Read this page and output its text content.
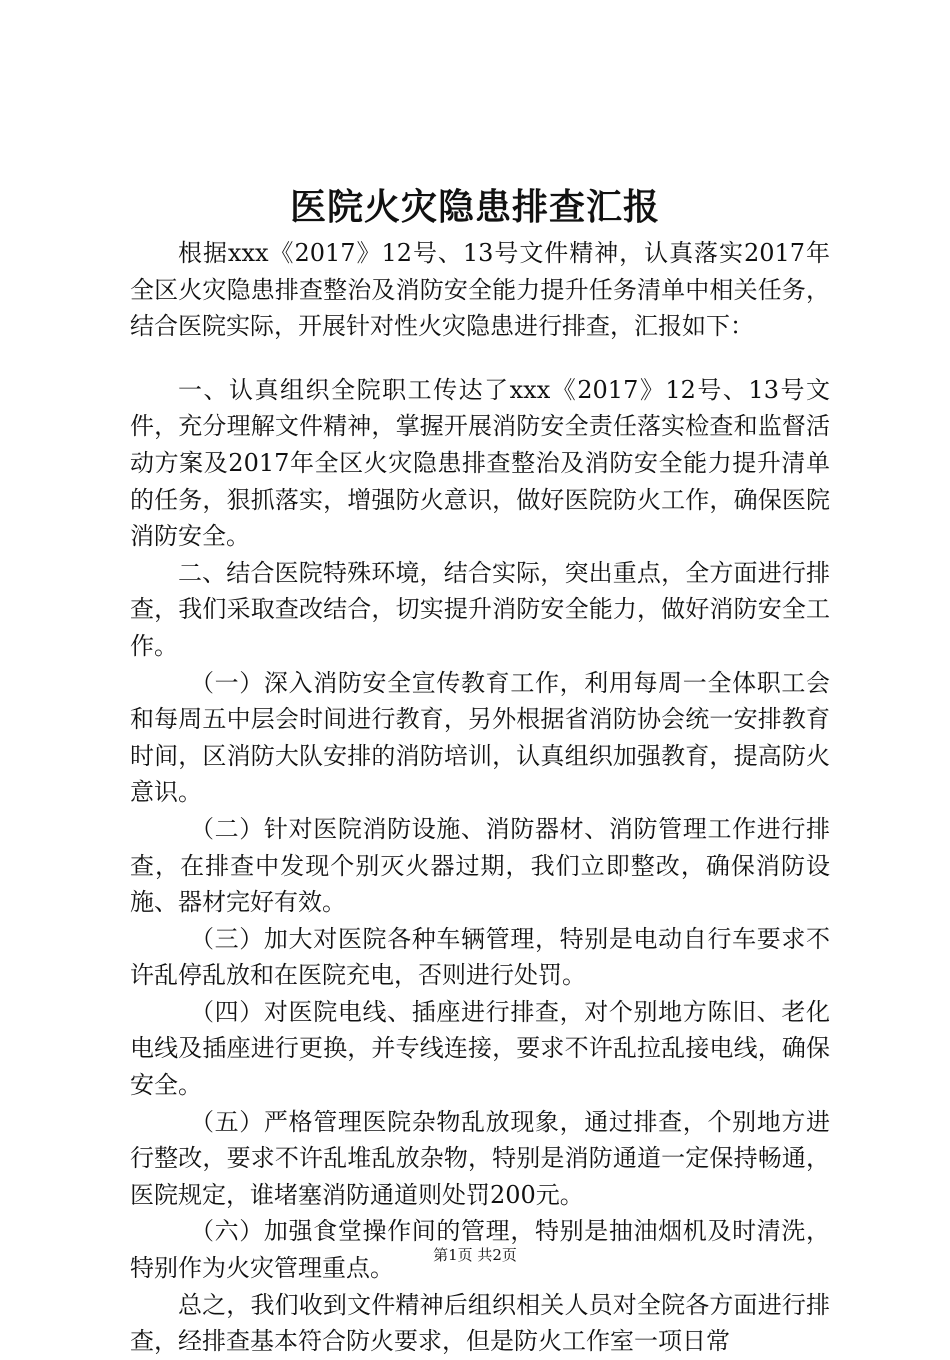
医院火灾隐患排查汇报

根据xxx《2017》12号、13号文件精神，认真落实2017年全区火灾隐患排查整治及消防安全能力提升任务清单中相关任务，结合医院实际，开展针对性火灾隐患进行排查，汇报如下：

一、认真组织全院职工传达了xxx《2017》12号、13号文件，充分理解文件精神，掌握开展消防安全责任落实检查和监督活动方案及2017年全区火灾隐患排查整治及消防安全能力提升清单的任务，狠抓落实，增强防火意识，做好医院防火工作，确保医院消防安全。

二、结合医院特殊环境，结合实际，突出重点，全方面进行排查，我们采取查改结合，切实提升消防安全能力，做好消防安全工作。

（一）深入消防安全宣传教育工作，利用每周一全体职工会和每周五中层会时间进行教育，另外根据省消防协会统一安排教育时间，区消防大队安排的消防培训，认真组织加强教育，提高防火意识。

（二）针对医院消防设施、消防器材、消防管理工作进行排查，在排查中发现个别灭火器过期，我们立即整改，确保消防设施、器材完好有效。

（三）加大对医院各种车辆管理，特别是电动自行车要求不许乱停乱放和在医院充电，否则进行处罚。

（四）对医院电线、插座进行排查，对个别地方陈旧、老化电线及插座进行更换，并专线连接，要求不许乱拉乱接电线，确保安全。

（五）严格管理医院杂物乱放现象，通过排查，个别地方进行整改，要求不许乱堆乱放杂物，特别是消防通道一定保持畅通，医院规定，谁堵塞消防通道则处罚200元。

（六）加强食堂操作间的管理，特别是抽油烟机及时清洗，特别作为火灾管理重点。

总之，我们收到文件精神后组织相关人员对全院各方面进行排查，经排查基本符合防火要求，但是防火工作室一项日常

第1页 共2页
